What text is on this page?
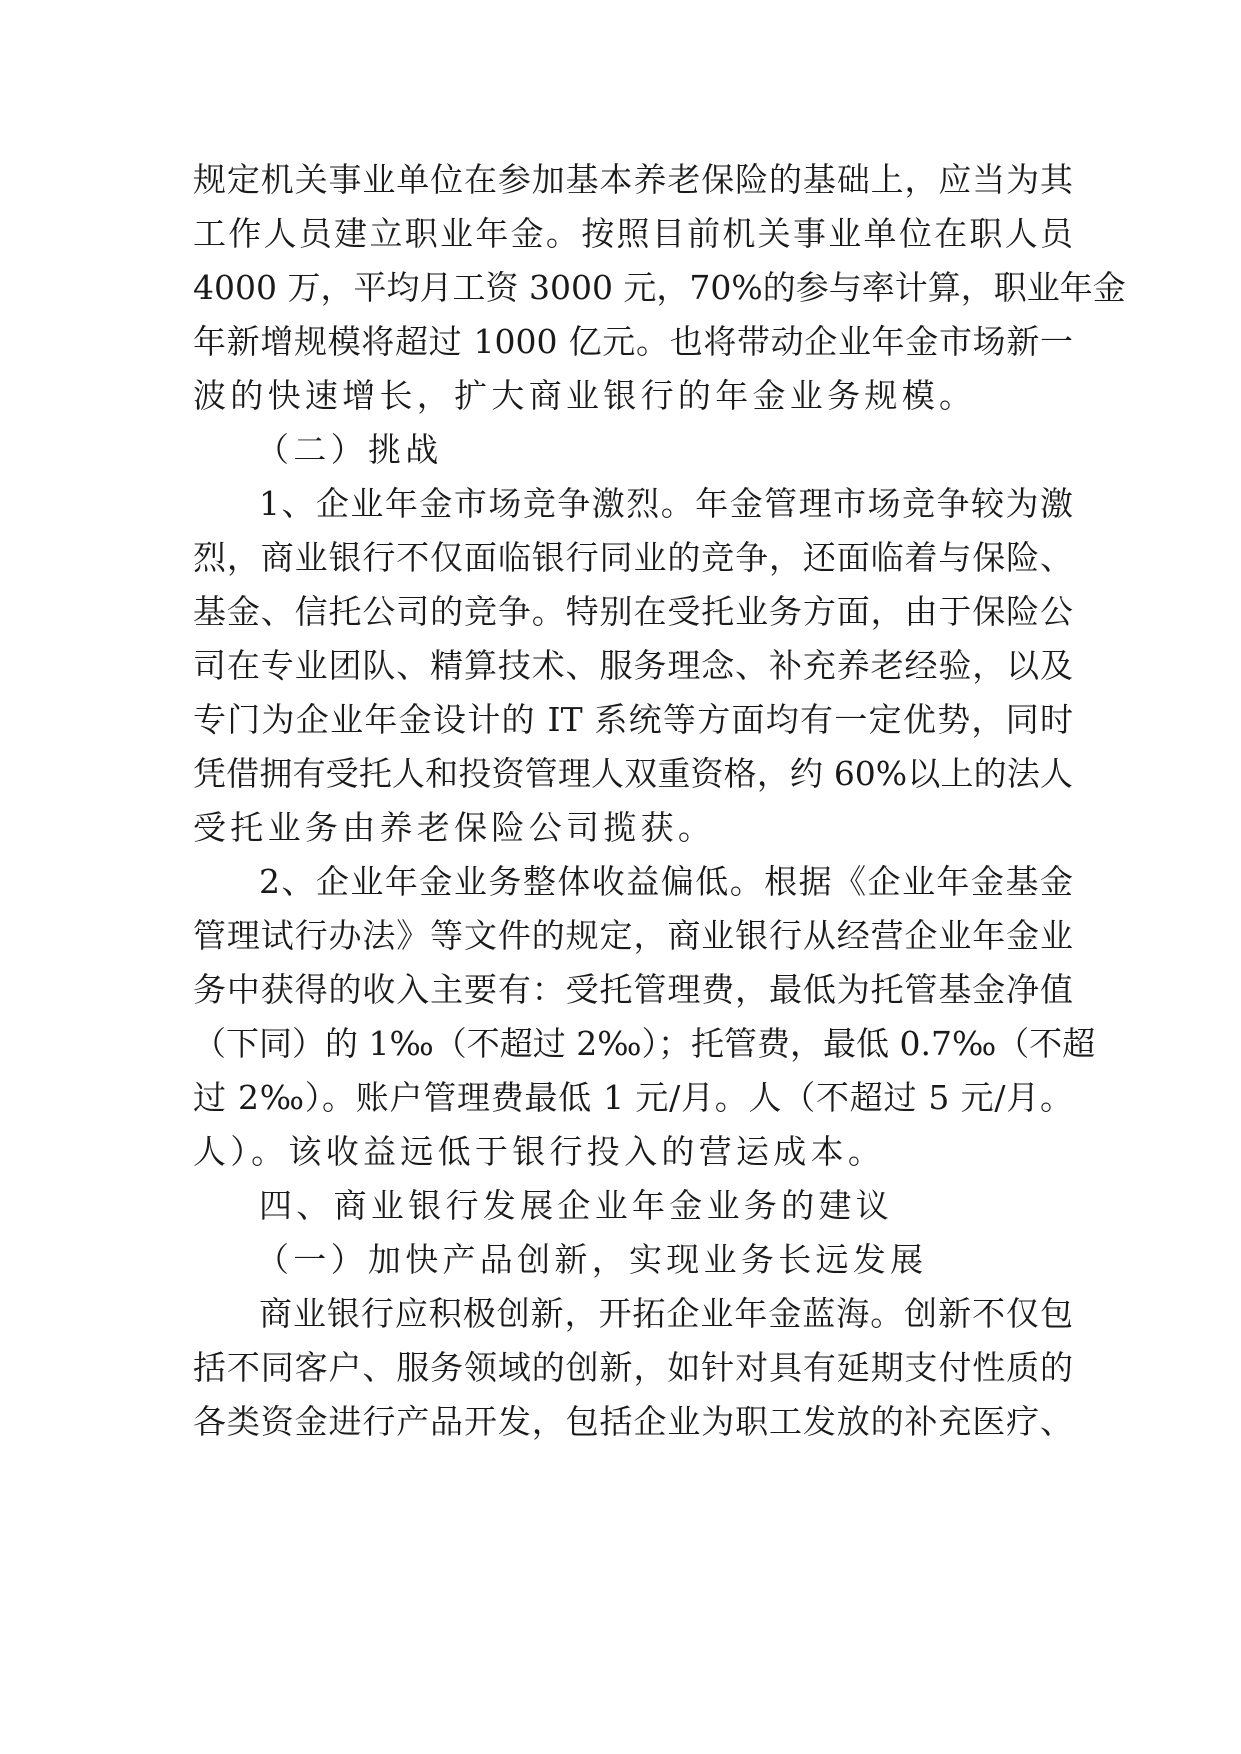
规定机关事业单位在参加基本养老保险的基础上，应当为其
工作人员建立职业年金。按照目前机关事业单位在职人员
4000 万，平均月工资 3000 元，70%的参与率计算，职业年金
年新增规模将超过 1000 亿元。也将带动企业年金市场新一
波的快速增长，扩大商业银行的年金业务规模。
（二）挑战
1、企业年金市场竞争激烈。年金管理市场竞争较为激
烈，商业银行不仅面临银行同业的竞争，还面临着与保险、
基金、信托公司的竞争。特别在受托业务方面，由于保险公
司在专业团队、精算技术、服务理念、补充养老经验，以及
专门为企业年金设计的 IT 系统等方面均有一定优势，同时
凭借拥有受托人和投资管理人双重资格，约 60%以上的法人
受托业务由养老保险公司揽获。
2、企业年金业务整体收益偏低。根据《企业年金基金
管理试行办法》等文件的规定，商业银行从经营企业年金业
务中获得的收入主要有：受托管理费，最低为托管基金净值
（下同）的 1‰（不超过 2‰）；托管费，最低 0.7‰（不超
过 2‰）。账户管理费最低 1 元/月。人（不超过 5 元/月。
人）。该收益远低于银行投入的营运成本。
四、商业银行发展企业年金业务的建议
（一）加快产品创新，实现业务长远发展
商业银行应积极创新，开拓企业年金蓝海。创新不仅包
括不同客户、服务领域的创新，如针对具有延期支付性质的
各类资金进行产品开发，包括企业为职工发放的补充医疗、
